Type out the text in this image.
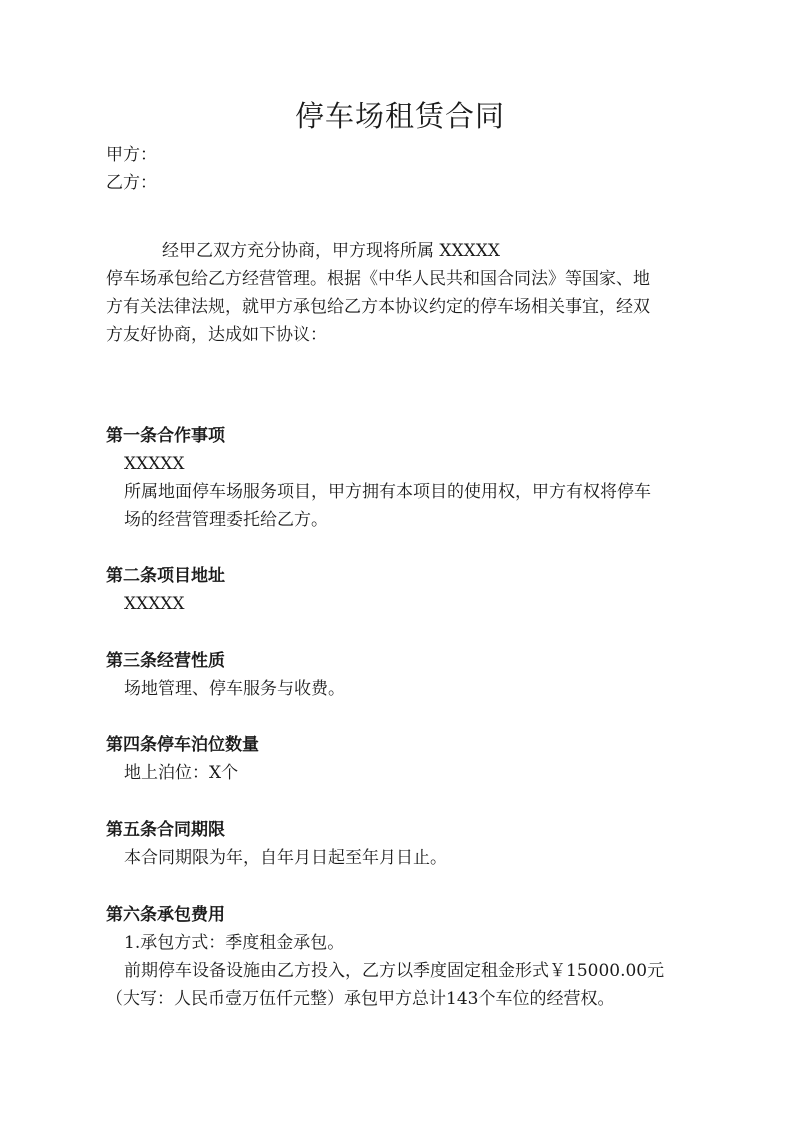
停车场租赁合同
甲方：
乙方：
经甲乙双方充分协商，甲方现将所属 XXXXX
停车场承包给乙方经营管理。根据《中华人民共和国合同法》等国家、地
方有关法律法规，就甲方承包给乙方本协议约定的停车场相关事宜，经双
方友好协商，达成如下协议：
第一条合作事项
XXXXX
所属地面停车场服务项目，甲方拥有本项目的使用权，甲方有权将停车
场的经营管理委托给乙方。
第二条项目地址
XXXXX
第三条经营性质
场地管理、停车服务与收费。
第四条停车泊位数量
地上泊位：X个
第五条合同期限
本合同期限为年，自年月日起至年月日止。
第六条承包费用
1.承包方式：季度租金承包。
前期停车设备设施由乙方投入，乙方以季度固定租金形式￥15000.00元
（大写：人民币壹万伍仟元整）承包甲方总计143个车位的经营权。
